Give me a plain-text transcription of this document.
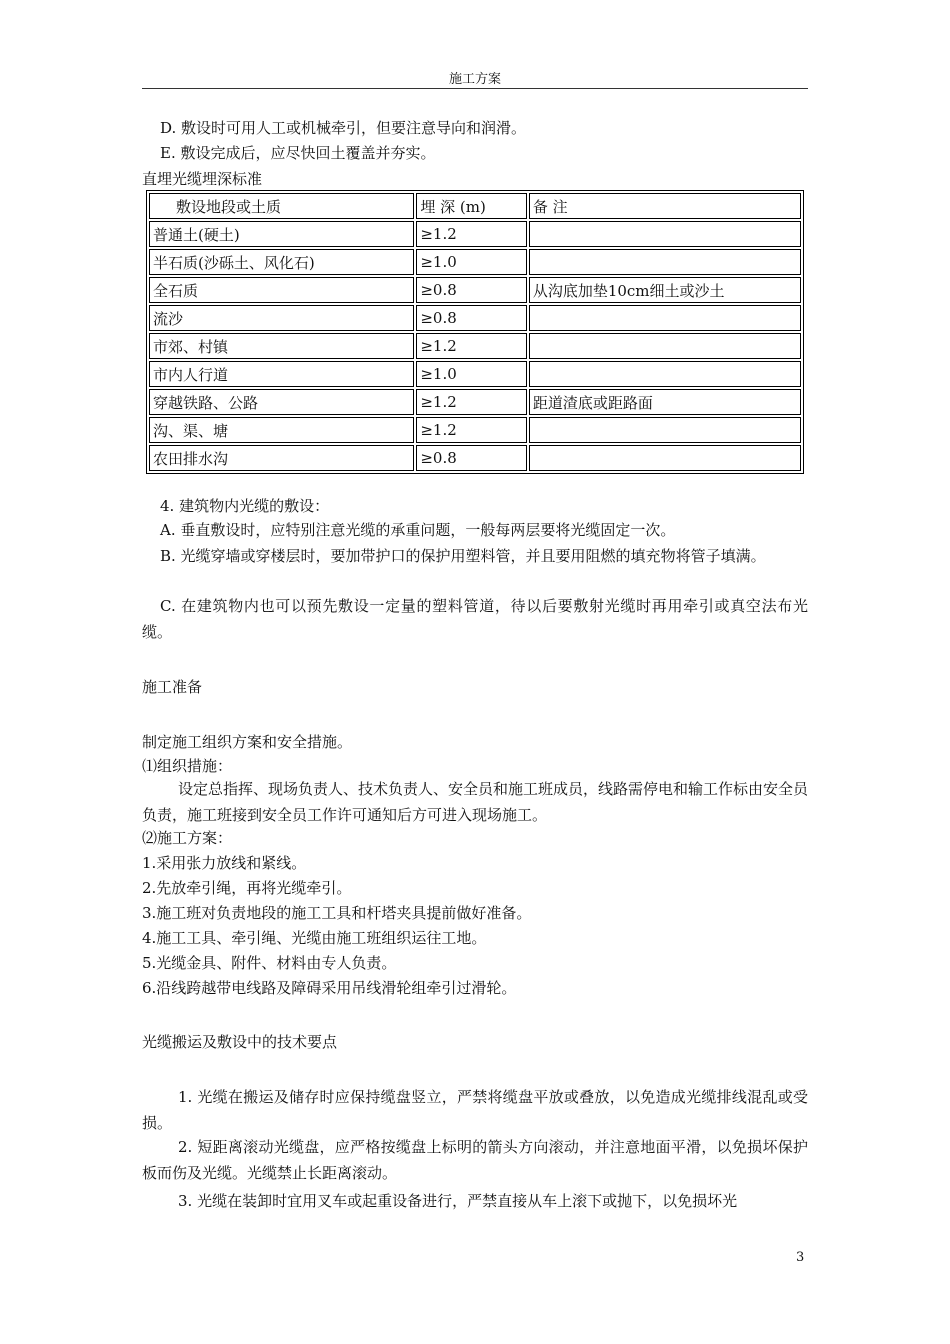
施工方案
D. 敷设时可用人工或机械牵引，但要注意导向和润滑。
E. 敷设完成后，应尽快回土覆盖并夯实。
直埋光缆埋深标准
敷设地段或土质	埋 深 (m)	备 注
普通土(硬土)	≥1.2	
半石质(沙砾土、风化石)	≥1.0	
全石质	≥0.8	从沟底加垫10cm细土或沙土
流沙	≥0.8	
市郊、村镇	≥1.2	
市内人行道	≥1.0	
穿越铁路、公路	≥1.2	距道渣底或距路面
沟、渠、塘	≥1.2	
农田排水沟	≥0.8	
4. 建筑物内光缆的敷设：
A. 垂直敷设时，应特别注意光缆的承重问题，一般每两层要将光缆固定一次。
B. 光缆穿墙或穿楼层时，要加带护口的保护用塑料管，并且要用阻燃的填充物将管子填满。
C. 在建筑物内也可以预先敷设一定量的塑料管道，待以后要敷射光缆时再用牵引或真空法布光缆。
施工准备
制定施工组织方案和安全措施。
⑴组织措施：
设定总指挥、现场负责人、技术负责人、安全员和施工班成员，线路需停电和输工作标由安全员负责，施工班接到安全员工作许可通知后方可进入现场施工。
⑵施工方案：
1.采用张力放线和紧线。
2.先放牵引绳，再将光缆牵引。
3.施工班对负责地段的施工工具和杆塔夹具提前做好准备。
4.施工工具、牵引绳、光缆由施工班组织运往工地。
5.光缆金具、附件、材料由专人负责。
6.沿线跨越带电线路及障碍采用吊线滑轮组牵引过滑轮。
光缆搬运及敷设中的技术要点
1. 光缆在搬运及储存时应保持缆盘竖立，严禁将缆盘平放或叠放，以免造成光缆排线混乱或受损。
2. 短距离滚动光缆盘，应严格按缆盘上标明的箭头方向滚动，并注意地面平滑，以免损坏保护板而伤及光缆。光缆禁止长距离滚动。
3. 光缆在装卸时宜用叉车或起重设备进行，严禁直接从车上滚下或抛下，以免损坏光
3
